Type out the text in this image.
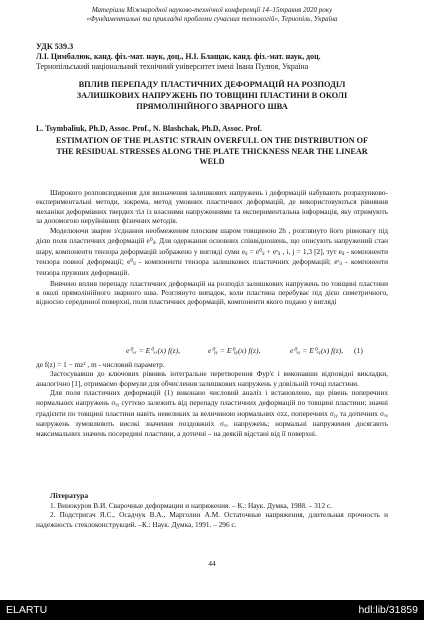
Матеріали Міжнародної науково-технічної конференції 14–15травня 2020 року
«Фундаментальні та прикладні проблеми сучасних технологій», Тернопіль, Україна
УДК 539.3
Л.І. Цимбалюк, канд. фіз.-мат. наук, доц., Н.І. Блащак, канд. фіз.-мат. наук, доц.
Тернопільський національний технічний університет імені Івана Пулюя, Україна
ВПЛИВ ПЕРЕПАДУ ПЛАСТИЧНИХ ДЕФОРМАЦІЙ НА РОЗПОДІЛ ЗАЛИШКОВИХ НАПРУЖЕНЬ ПО ТОВЩИНІ ПЛАСТИНИ В ОКОЛІ ПРЯМОЛІНІЙНОГО ЗВАРНОГО ШВА
L. Tsymbaliuk, Ph.D, Assoc. Prof., N. Blashchak, Ph.D, Assoc. Prof.
ESTIMATION OF THE PLASTIC STRAIN OVERFULL ON THE DISTRIBUTION OF THE RESIDUAL STRESSES ALONG THE PLATE THICKNESS NEAR THE LINEAR WELD

Широкого розповсюдження для визначення залишкових напружень і деформацій набувають розрахунково-експериментальні методи, зокрема, метод умовних пластичних деформацій, де використовуються рівняння механіки деформівних твердих тіл із власними напруженнями та експериментальна інформація, яку отримують за допомогою неруйнівних фізичних методів.

Моделюючи зварне з'єднання необмеженим плоским шаром товщиною 2h , розглянуто його рівновагу під дією поля пластичних деформацій e⁰ᵢⱼ. Для одержання основних співвідношень, що описують напружений стан шару, компоненти тензора деформацій зображено у вигляді суми eᵢⱼ = e⁰ᵢⱼ + eᵉᵢⱼ , i, j = 1,3 [2], тут eᵢⱼ - компоненти тензора повної деформації; e⁰ᵢⱼ - компоненти тензора залишкових пластичних деформацій; eᵉᵢⱼ - компоненти тензора пружних деформацій.

Вивчено вплив перепаду пластичних деформацій на розподіл залишкових напружень по товщині пластини в околі прямолінійного зварного шва. Розглянуто випадок, коли пластина перебуває під дією симетричного, відносно серединної поверхні, поля пластичних деформацій, компоненти якого подано у вигляді

e⁰ₓₓ = E⁰ₓₓ(x) f(z),	e⁰ᵧᵧ = E⁰ᵧᵧ(x) f(z),	e⁰ₓᵧ = E⁰ₓᵧ(x) f(z), (1)

де f(z) = 1 − mz² , m - числовий параметр.

Застосувавши до ключових рівнянь інтегральне перетворення Фур'є і виконавши відповідні викладки, аналогічно [1], отримаємо формули для обчислення залишкових напружень у довільній точці пластини.

Для поля пластичних деформацій (1) виконано числовий аналіз і встановлено, що рівень поперечних нормальних напружень σᵧᵧ суттєво залежить від перепаду пластичних деформацій по товщині пластини; значні градієнти по товщині пластини навіть невеликих за величиною нормальних σzz, поперечних σᵧᵧ та дотичних σₓᵧ напружень зумовлюють високі значення поздовжніх σₓₓ напружень; нормальні напруження досягають максимальних значень посередині пластини, а дотичні – на деякій відстані від її поверхні.

Література

1. Винокуров В.И. Сварочные деформации и напряжения. – К.: Наук. Думка, 1988. – 312 с.

2. Подстригач Я.С., Осадчук В.А., Марголин А.М. Остаточные напряжения, длительная прочность и надежность стеклоконструкций. –К.: Наук. Думка, 1991. – 296 с.

44
ELARTU	hdl:lib/31859
